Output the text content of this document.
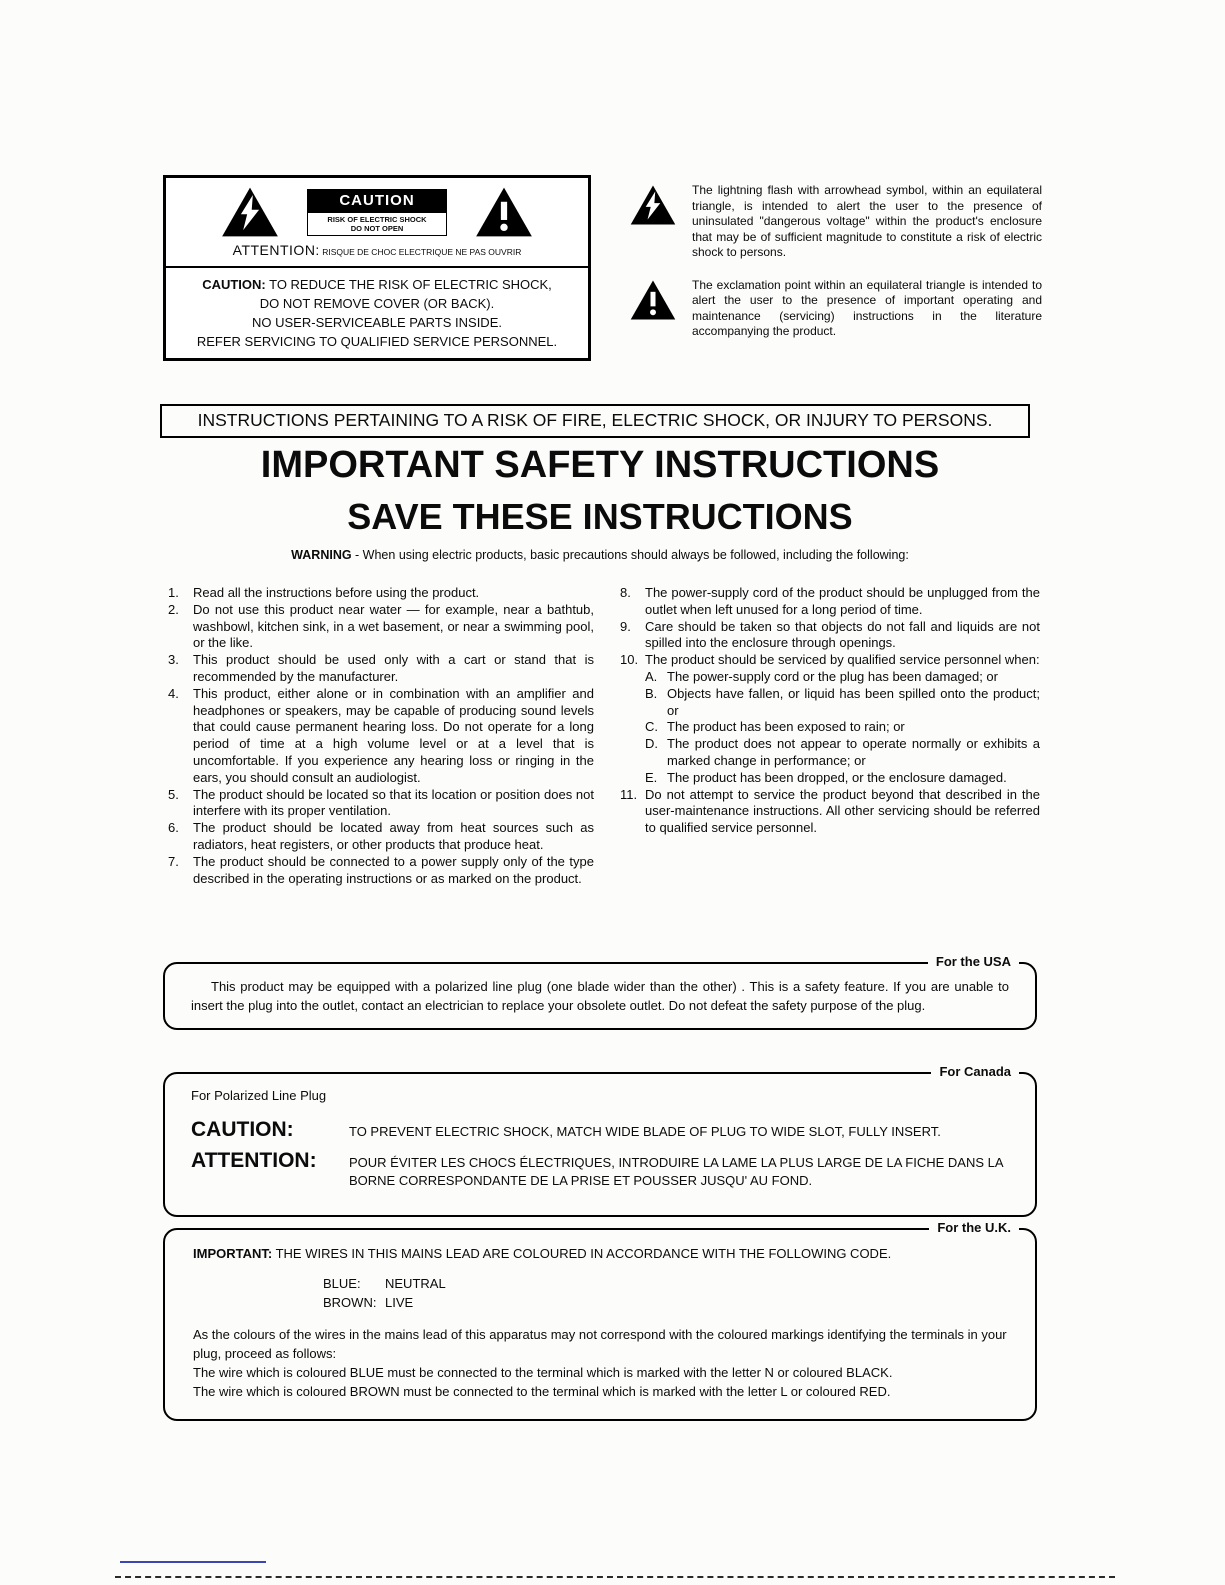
CAUTION
RISK OF ELECTRIC SHOCK
DO NOT OPEN
ATTENTION: RISQUE DE CHOC ELECTRIQUE NE PAS OUVRIR
CAUTION: TO REDUCE THE RISK OF ELECTRIC SHOCK,
DO NOT REMOVE COVER (OR BACK).
NO USER-SERVICEABLE PARTS INSIDE.
REFER SERVICING TO QUALIFIED SERVICE PERSONNEL.

The lightning flash with arrowhead symbol, within an equilateral triangle, is intended to alert the user to the presence of uninsulated "dangerous voltage" within the product's enclosure that may be of sufficient magnitude to constitute a risk of electric shock to persons.

The exclamation point within an equilateral triangle is intended to alert the user to the presence of important operating and maintenance (servicing) instructions in the literature accompanying the product.

INSTRUCTIONS PERTAINING TO A RISK OF FIRE, ELECTRIC SHOCK, OR INJURY TO PERSONS.
IMPORTANT SAFETY INSTRUCTIONS
SAVE THESE INSTRUCTIONS
WARNING - When using electric products, basic precautions should always be followed, including the following:
1.	Read all the instructions before using the product.
2.	Do not use this product near water — for example, near a bathtub, washbowl, kitchen sink, in a wet basement, or near a swimming pool, or the like.
3.	This product should be used only with a cart or stand that is recommended by the manufacturer.
4.	This product, either alone or in combination with an amplifier and headphones or speakers, may be capable of producing sound levels that could cause permanent hearing loss. Do not operate for a long period of time at a high volume level or at a level that is uncomfortable. If you experience any hearing loss or ringing in the ears, you should consult an audiologist.
5.	The product should be located so that its location or position does not interfere with its proper ventilation.
6.	The product should be located away from heat sources such as radiators, heat registers, or other products that produce heat.
7.	The product should be connected to a power supply only of the type described in the operating instructions or as marked on the product.
8.	The power-supply cord of the product should be unplugged from the outlet when left unused for a long period of time.
9.	Care should be taken so that objects do not fall and liquids are not spilled into the enclosure through openings.
10. The product should be serviced by qualified service personnel when:
A. The power-supply cord or the plug has been damaged; or
B. Objects have fallen, or liquid has been spilled onto the product; or
C. The product has been exposed to rain; or
D. The product does not appear to operate normally or exhibits a marked change in performance; or
E. The product has been dropped, or the enclosure damaged.
11. Do not attempt to service the product beyond that described in the user-maintenance instructions. All other servicing should be referred to qualified service personnel.
For the USA

This product may be equipped with a polarized line plug (one blade wider than the other) . This is a safety feature. If you are unable to insert the plug into the outlet, contact an electrician to replace your obsolete outlet. Do not defeat the safety purpose of the plug.

For Canada
For Polarized Line Plug
CAUTION:	TO PREVENT ELECTRIC SHOCK, MATCH WIDE BLADE OF PLUG TO WIDE SLOT, FULLY INSERT.
ATTENTION:	POUR ÉVITER LES CHOCS ÉLECTRIQUES, INTRODUIRE LA LAME LA PLUS LARGE DE LA FICHE DANS LA BORNE CORRESPONDANTE DE LA PRISE ET POUSSER JUSQU' AU FOND.
For the U.K.

IMPORTANT: THE WIRES IN THIS MAINS LEAD ARE COLOURED IN ACCORDANCE WITH THE FOLLOWING CODE.

BLUE: NEUTRAL
BROWN: LIVE

As the colours of the wires in the mains lead of this apparatus may not correspond with the coloured markings identifying the terminals in your plug, proceed as follows:

The wire which is coloured BLUE must be connected to the terminal which is marked with the letter N or coloured BLACK.

The wire which is coloured BROWN must be connected to the terminal which is marked with the letter L or coloured RED.
